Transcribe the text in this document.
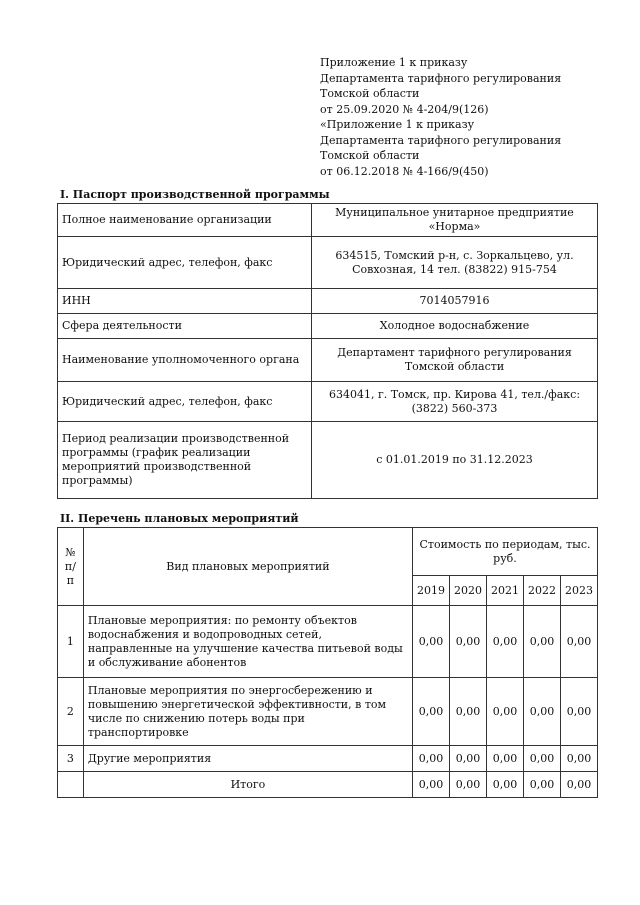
Приложение 1 к приказу
Департамента тарифного регулирования
Томской области
от 25.09.2020 № 4-204/9(126)
«Приложение 1 к приказу
Департамента тарифного регулирования
Томской области
от 06.12.2018 № 4-166/9(450)
I. Паспорт производственной программы
Полное наименование организации	Муниципальное унитарное предприятие «Норма»
Юридический адрес, телефон, факс	634515, Томский р-н, с. Зоркальцево, ул. Совхозная, 14 тел. (83822) 915-754
ИНН	7014057916
Сфера деятельности	Холодное водоснабжение
Наименование уполномоченного органа	Департамент тарифного регулирования Томской области
Юридический адрес, телефон, факс	634041, г. Томск, пр. Кирова 41, тел./факс: (3822) 560-373
Период реализации производственной программы (график реализации мероприятий производственной программы)	с 01.01.2019 по 31.12.2023
II. Перечень плановых мероприятий
№ п/п	Вид плановых мероприятий	Стоимость по периодам, тыс. руб.				
		2019	2020	2021	2022	2023
1	Плановые мероприятия: по ремонту объектов водоснабжения и водопроводных сетей, направленные на улучшение качества питьевой воды и обслуживание абонентов	0,00	0,00	0,00	0,00	0,00
2	Плановые мероприятия по энергосбережению и повышению энергетической эффективности, в том числе по снижению потерь воды при транспортировке	0,00	0,00	0,00	0,00	0,00
3	Другие мероприятия	0,00	0,00	0,00	0,00	0,00
	Итого	0,00	0,00	0,00	0,00	0,00
